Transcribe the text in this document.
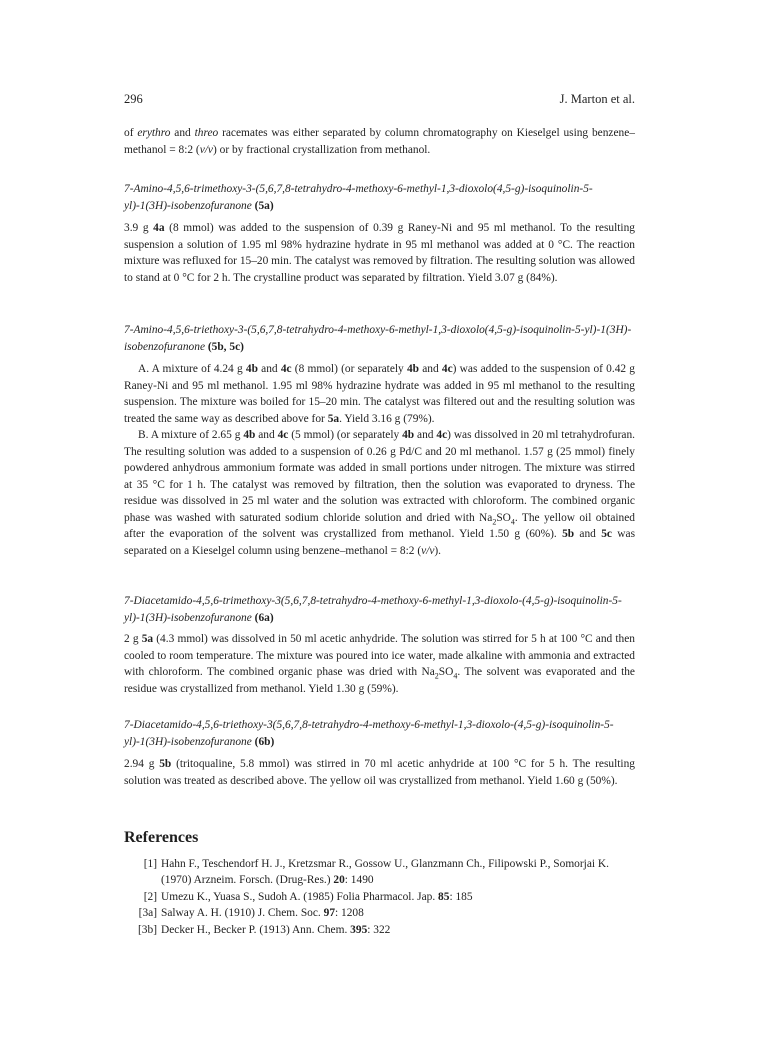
296	J. Marton et al.

of erythro and threo racemates was either separated by column chromatography on Kieselgel using benzene–methanol = 8:2 (v/v) or by fractional crystallization from methanol.

7-Amino-4,5,6-trimethoxy-3-(5,6,7,8-tetrahydro-4-methoxy-6-methyl-1,3-dioxolo(4,5-g)-isoquinolin-5-yl)-1(3H)-isobenzofuranone (5a)

3.9 g 4a (8 mmol) was added to the suspension of 0.39 g Raney-Ni and 95 ml methanol. To the resulting suspension a solution of 1.95 ml 98% hydrazine hydrate in 95 ml methanol was added at 0 °C. The reaction mixture was refluxed for 15–20 min. The catalyst was removed by filtration. The resulting solution was allowed to stand at 0 °C for 2 h. The crystalline product was separated by filtration. Yield 3.07 g (84%).

7-Amino-4,5,6-triethoxy-3-(5,6,7,8-tetrahydro-4-methoxy-6-methyl-1,3-dioxolo(4,5-g)-isoquinolin-5-yl)-1(3H)-isobenzofuranone (5b, 5c)

A. A mixture of 4.24 g 4b and 4c (8 mmol) (or separately 4b and 4c) was added to the suspension of 0.42 g Raney-Ni and 95 ml methanol. 1.95 ml 98% hydrazine hydrate was added in 95 ml methanol to the resulting suspension. The mixture was boiled for 15–20 min. The catalyst was filtered out and the resulting solution was treated the same way as described above for 5a. Yield 3.16 g (79%).

B. A mixture of 2.65 g 4b and 4c (5 mmol) (or separately 4b and 4c) was dissolved in 20 ml tetrahydrofuran. The resulting solution was added to a suspension of 0.26 g Pd/C and 20 ml methanol. 1.57 g (25 mmol) finely powdered anhydrous ammonium formate was added in small portions under nitrogen. The mixture was stirred at 35 °C for 1 h. The catalyst was removed by filtration, then the solution was evaporated to dryness. The residue was dissolved in 25 ml water and the solution was extracted with chloroform. The combined organic phase was washed with saturated sodium chloride solution and dried with $Na_2SO_4$. The yellow oil obtained after the evaporation of the solvent was crystallized from methanol. Yield 1.50 g (60%). 5b and 5c was separated on a Kieselgel column using benzene–methanol = 8:2 (v/v).

7-Diacetamido-4,5,6-trimethoxy-3(5,6,7,8-tetrahydro-4-methoxy-6-methyl-1,3-dioxolo-(4,5-g)-isoquinolin-5-yl)-1(3H)-isobenzofuranone (6a)

2 g 5a (4.3 mmol) was dissolved in 50 ml acetic anhydride. The solution was stirred for 5 h at 100 °C and then cooled to room temperature. The mixture was poured into ice water, made alkaline with ammonia and extracted with chloroform. The combined organic phase was dried with $Na_2SO_4$. The solvent was evaporated and the residue was crystallized from methanol. Yield 1.30 g (59%).

7-Diacetamido-4,5,6-triethoxy-3(5,6,7,8-tetrahydro-4-methoxy-6-methyl-1,3-dioxolo-(4,5-g)-isoquinolin-5-yl)-1(3H)-isobenzofuranone (6b)

2.94 g 5b (tritoqualine, 5.8 mmol) was stirred in 70 ml acetic anhydride at 100 °C for 5 h. The resulting solution was treated as described above. The yellow oil was crystallized from methanol. Yield 1.60 g (50%).

References
[1] Hahn F., Teschendorf H. J., Kretzsmar R., Gossow U., Glanzmann Ch., Filipowski P., Somorjai K. (1970) Arzneim. Forsch. (Drug-Res.) 20: 1490
[2] Umezu K., Yuasa S., Sudoh A. (1985) Folia Pharmacol. Jap. 85: 185
[3a] Salway A. H. (1910) J. Chem. Soc. 97: 1208
[3b] Decker H., Becker P. (1913) Ann. Chem. 395: 322
